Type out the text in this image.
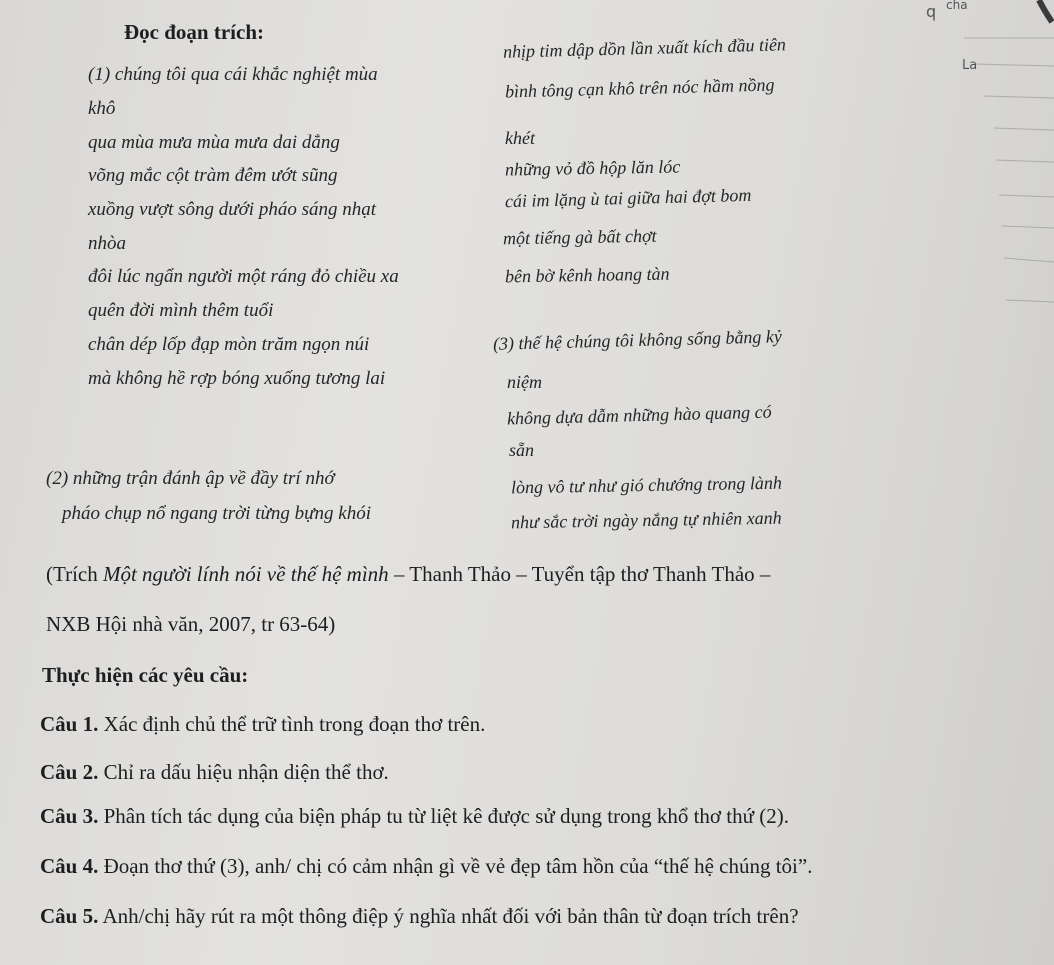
q cha
La
Đọc đoạn trích:
(1) chúng tôi qua cái khắc nghiệt mùa
khô
qua mùa mưa mùa mưa dai dẳng
võng mắc cột tràm đêm ướt sũng
xuồng vượt sông dưới pháo sáng nhạt
nhòa
đôi lúc ngẩn người một ráng đỏ chiều xa
quên đời mình thêm tuổi
chân dép lốp đạp mòn trăm ngọn núi
mà không hề rợp bóng xuống tương lai
(2) những trận đánh ập về đầy trí nhớ
pháo chụp nổ ngang trời từng bựng khói
nhịp tim dập dồn lần xuất kích đầu tiên
bình tông cạn khô trên nóc hầm nồng
khét
những vỏ đồ hộp lăn lóc
cái im lặng ù tai giữa hai đợt bom
một tiếng gà bất chợt
bên bờ kênh hoang tàn
(3) thế hệ chúng tôi không sống bằng kỷ
niệm
không dựa dẫm những hào quang có
sẵn
lòng vô tư như gió chướng trong lành
như sắc trời ngày nắng tự nhiên xanh
(Trích Một người lính nói về thế hệ mình – Thanh Thảo – Tuyển tập thơ Thanh Thảo –
NXB Hội nhà văn, 2007, tr 63-64)
Thực hiện các yêu cầu:
Câu 1. Xác định chủ thể trữ tình trong đoạn thơ trên.
Câu 2. Chỉ ra dấu hiệu nhận diện thể thơ.
Câu 3. Phân tích tác dụng của biện pháp tu từ liệt kê được sử dụng trong khổ thơ thứ (2).
Câu 4. Đoạn thơ thứ (3), anh/ chị có cảm nhận gì về vẻ đẹp tâm hồn của “thế hệ chúng tôi”.
Câu 5. Anh/chị hãy rút ra một thông điệp ý nghĩa nhất đối với bản thân từ đoạn trích trên?
